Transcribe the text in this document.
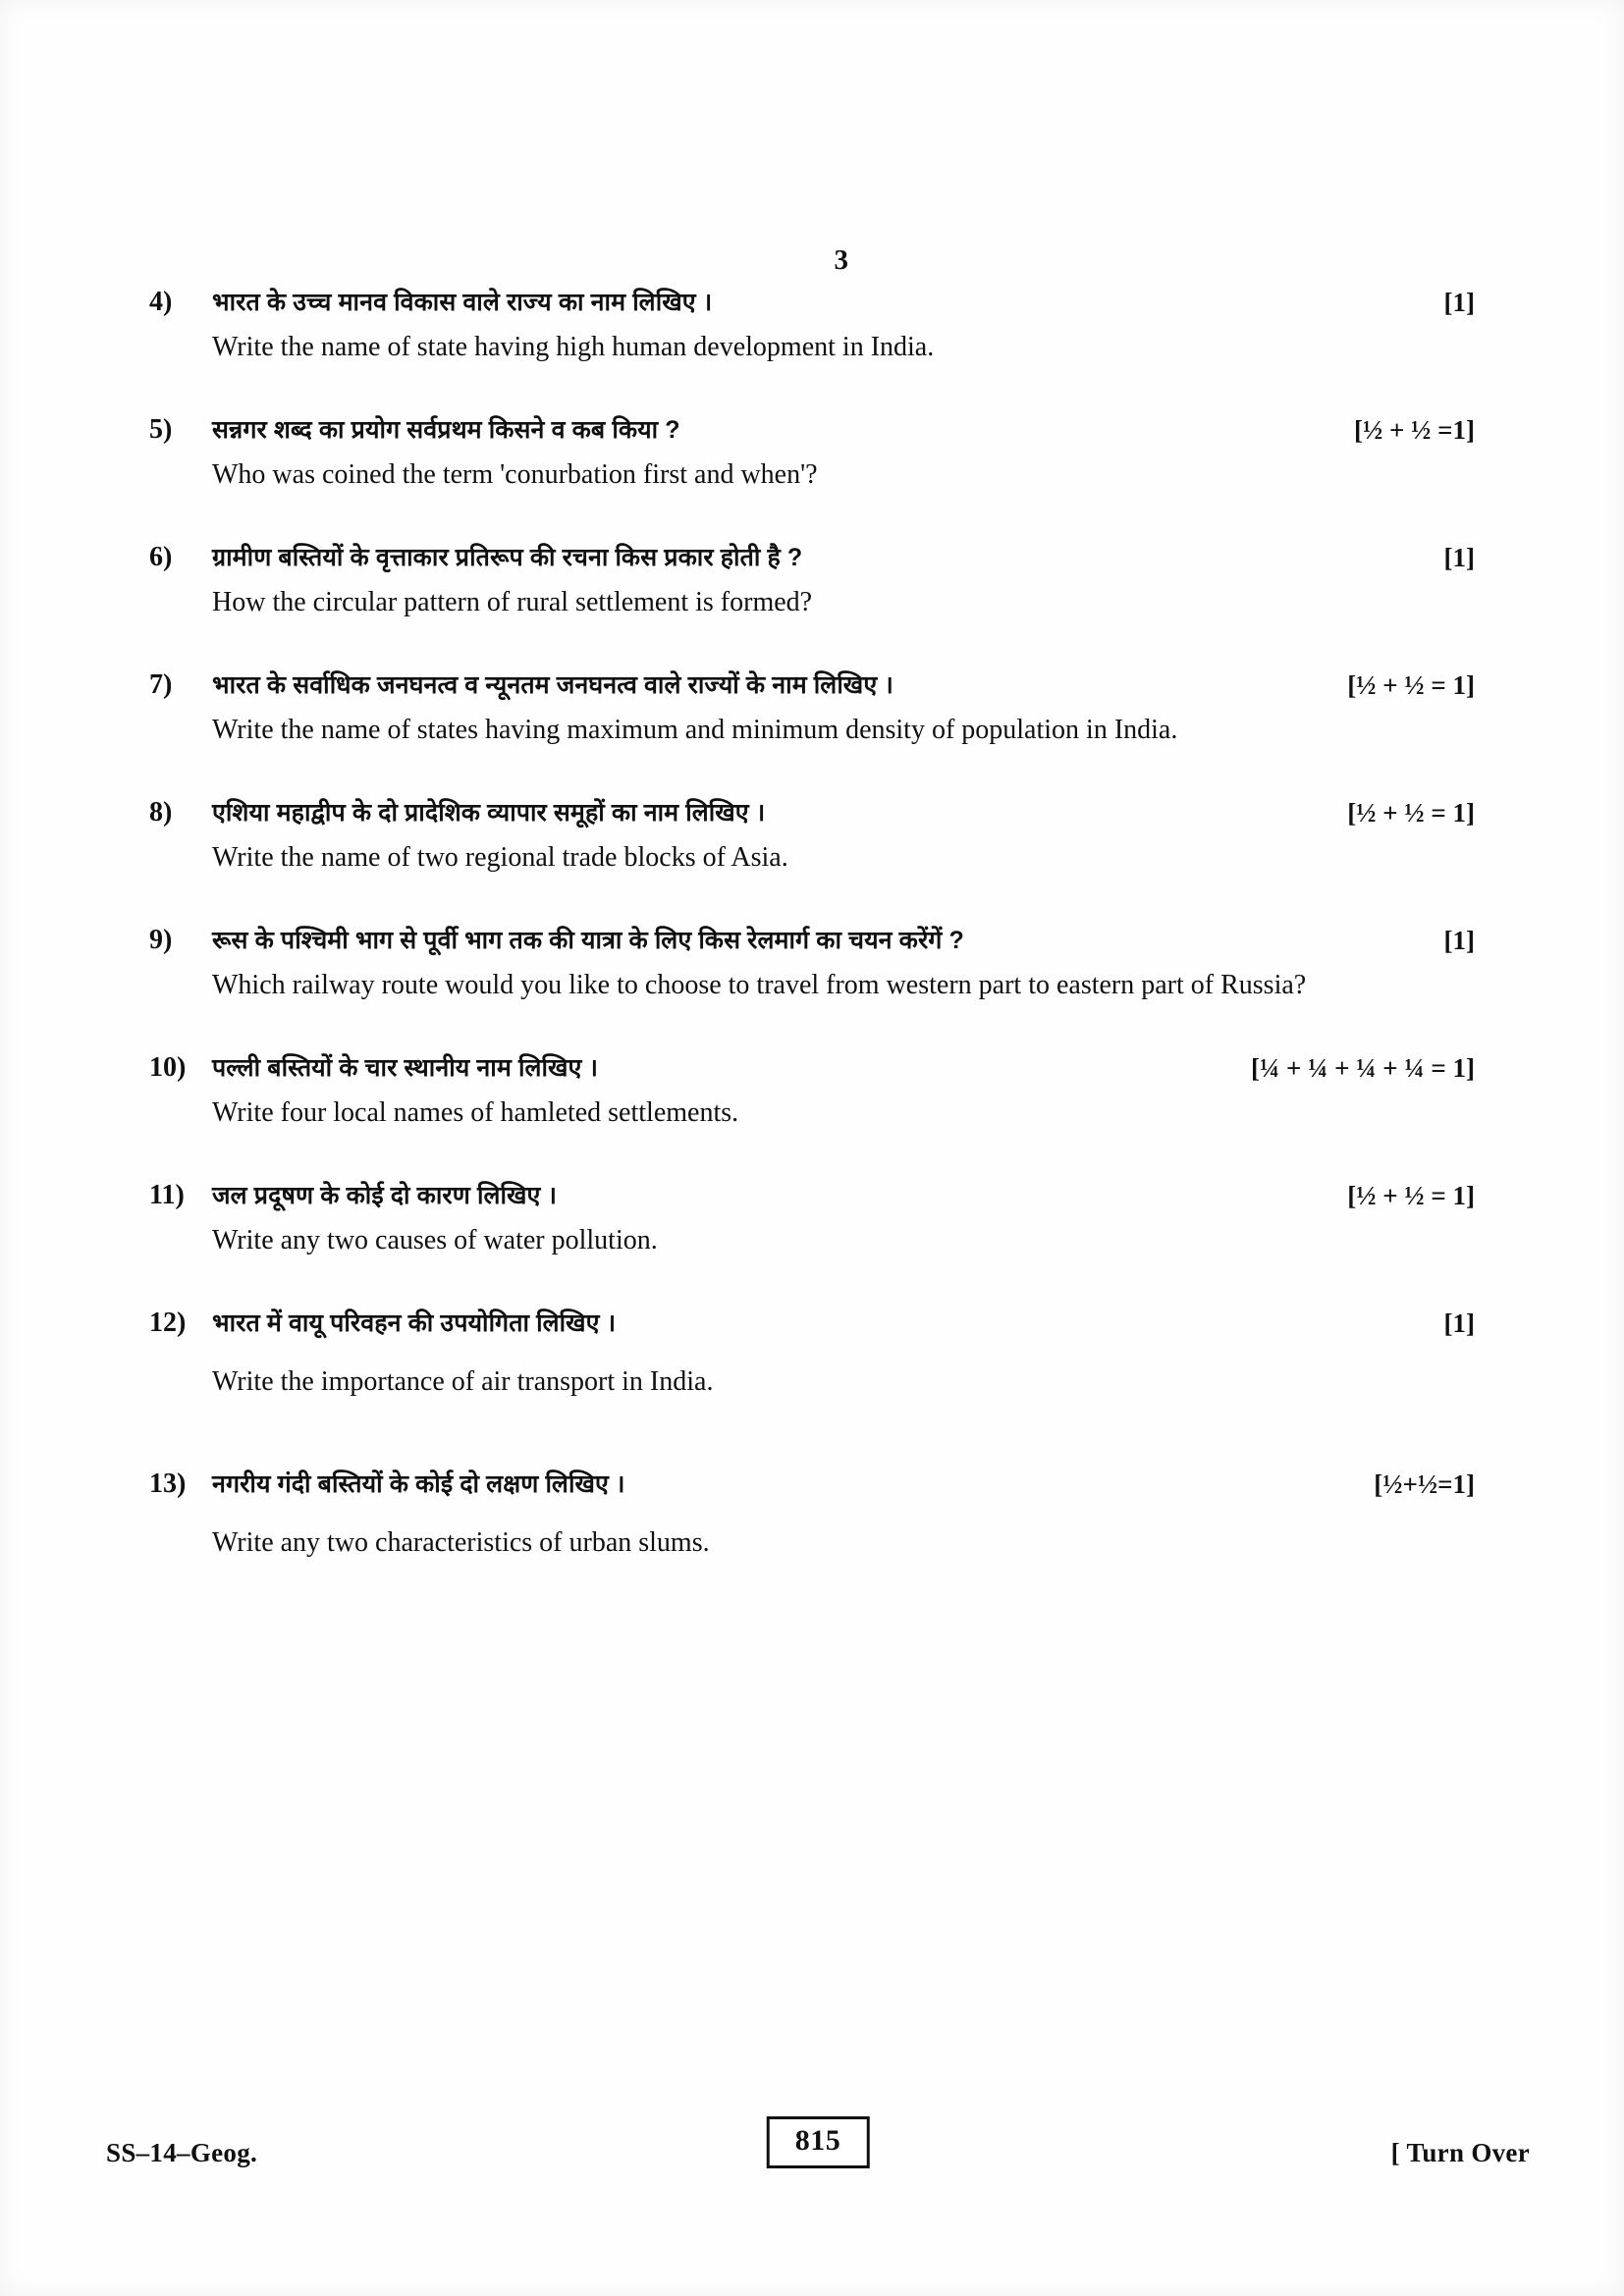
3
4)	भारत के उच्च मानव विकास वाले राज्य का नाम लिखिए ।	[1]
Write the name of state having high human development in India.
5)	सन्नगर शब्द का प्रयोग सर्वप्रथम किसने व कब किया ?	[½ + ½ =1]
Who was coined the term 'conurbation first and when'?
6)	ग्रामीण बस्तियों के वृत्ताकार प्रतिरूप की रचना किस प्रकार होती है ?	[1]
How the circular pattern of rural settlement is formed?
7)	भारत के सर्वाधिक जनघनत्व व न्यूनतम जनघनत्व वाले राज्यों के नाम लिखिए ।	[½ + ½ = 1]
Write the name of states having maximum and minimum density of population in India.
8)	एशिया महाद्वीप के दो प्रादेशिक व्यापार समूहों का नाम लिखिए ।	[½ + ½ = 1]
Write the name of two regional trade blocks of Asia.
9)	रूस के पश्चिमी भाग से पूर्वी भाग तक की यात्रा के लिए किस रेलमार्ग का चयन करेंगें ?	[1]
Which railway route would you like to choose to travel from western part to eastern part of Russia?
10)	पल्ली बस्तियों के चार स्थानीय नाम लिखिए ।	[¼ + ¼ + ¼ + ¼ = 1]
Write four local names of hamleted settlements.
11)	जल प्रदूषण के कोई दो कारण लिखिए ।	[½ + ½ = 1]
Write any two causes of water pollution.
12)	भारत में वायू परिवहन की उपयोगिता लिखिए ।	[1]
Write the importance of air transport in India.
13)	नगरीय गंदी बस्तियों के कोई दो लक्षण लिखिए ।	[½+½=1]
Write any two characteristics of urban slums.
SS–14–Geog.	815	[ Turn Over
